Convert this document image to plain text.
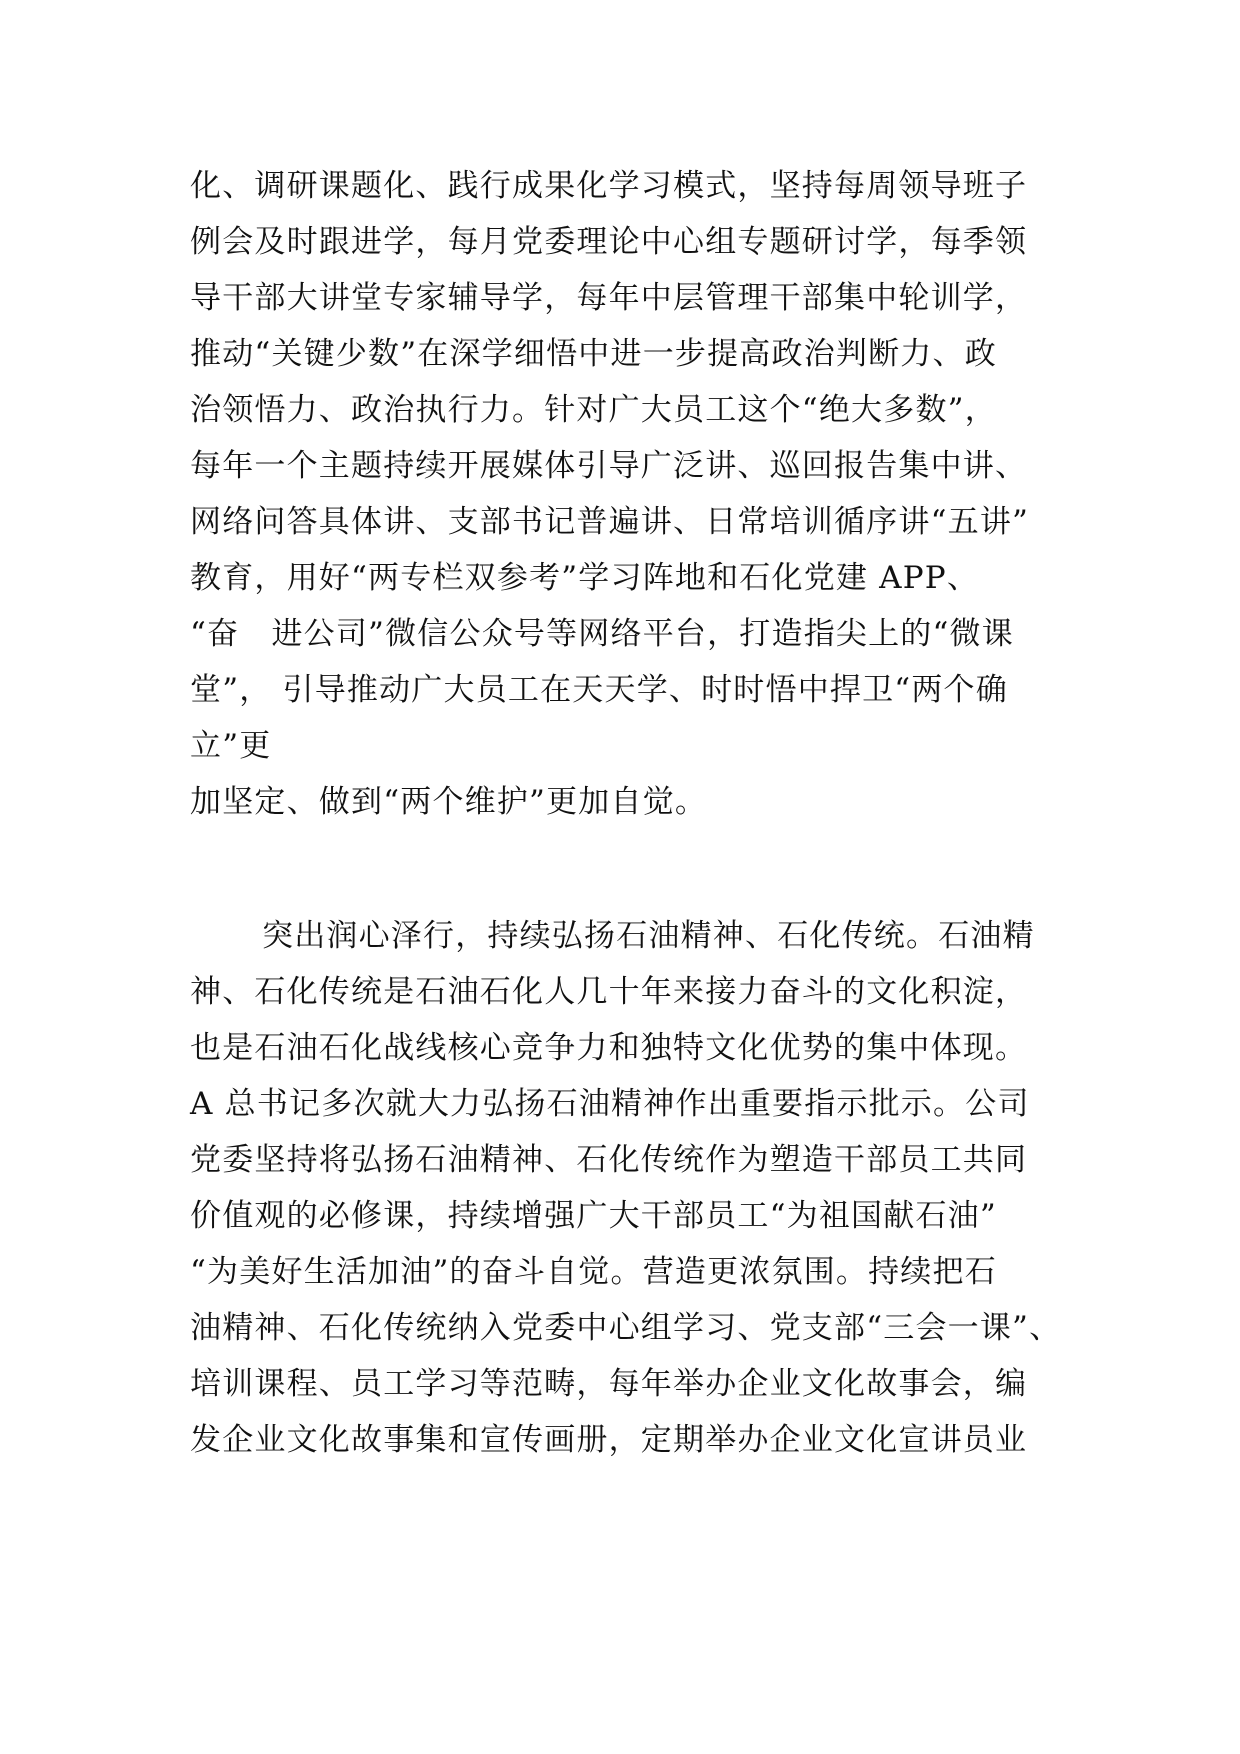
化、调研课题化、践行成果化学习模式，坚持每周领导班子
例会及时跟进学，每月党委理论中心组专题研讨学，每季领
导干部大讲堂专家辅导学，每年中层管理干部集中轮训学，
推动“关键少数”在深学细悟中进一步提高政治判断力、政
治领悟力、政治执行力。针对广大员工这个“绝大多数”，
每年一个主题持续开展媒体引导广泛讲、巡回报告集中讲、
网络问答具体讲、支部书记普遍讲、日常培训循序讲“五讲”
教育，用好“两专栏双参考”学习阵地和石化党建 APP、
“奋　进公司”微信公众号等网络平台，打造指尖上的“微课
堂”， 引导推动广大员工在天天学、时时悟中捍卫“两个确
立”更
加坚定、做到“两个维护”更加自觉。
突出润心泽行，持续弘扬石油精神、石化传统。石油精
神、石化传统是石油石化人几十年来接力奋斗的文化积淀，
也是石油石化战线核心竞争力和独特文化优势的集中体现。
A 总书记多次就大力弘扬石油精神作出重要指示批示。公司
党委坚持将弘扬石油精神、石化传统作为塑造干部员工共同
价值观的必修课，持续增强广大干部员工“为祖国献石油”
“为美好生活加油”的奋斗自觉。营造更浓氛围。持续把石
油精神、石化传统纳入党委中心组学习、党支部“三会一课”、
培训课程、员工学习等范畴，每年举办企业文化故事会，编
发企业文化故事集和宣传画册，定期举办企业文化宣讲员业
